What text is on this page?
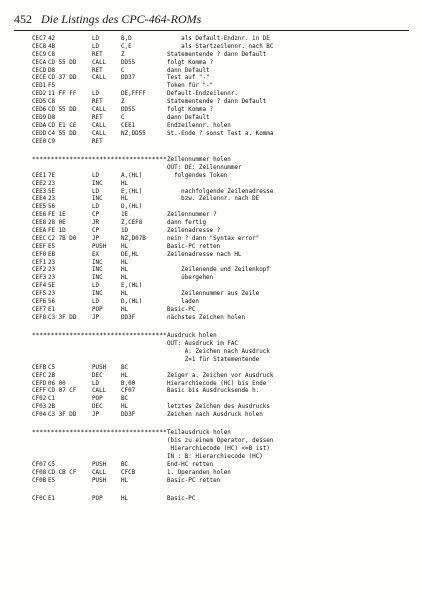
452 Die Listings des CPC-464-ROMs
CEC7 42	LD	B,D	als Default-Endznr. in DE
CEC8 4B	LD	C,E	als Startzeilennr. nach BC
CEC9 C8	RET	Z	Statementende ? dann Default
CECA CD 55 DD	CALL	DD55	folgt Komma ?
CECD D8	RET	C	dann Default
CECE CD 37 DD	CALL	DD37	Test auf "-"
CED1 F5	Token für "-"
CED2 11 FF FF	LD	DE,FFFF	Default-Endzeilennr.
CED5 C8	RET	Z	Statementende ? dann Default
CED6 CD 55 DD	CALL	DD55	folgt Komma ?
CED9 D8	RET	C	dann Default
CEDA CD E1 CE	CALL	CEE1	Endzeilennr. holen
CEDD C4 55 DD	CALL	NZ,DD55	St.-Ende ? sonst Test a. Komma
CEE0 C9	RET
************************************ Zeilennummer holen
OUT: DE: Zeilennummer
CEE1 7E	LD	A,(HL)	folgendes Token
CEE2 23	INC	HL
CEE3 5E	LD	E,(HL)	nachfolgende Zeilenadresse
CEE4 23	INC	HL	bzw. Zeilennr. nach DE
CEE5 56	LD	D,(HL)
CEE6 FE 1E	CP	1E	Zeilennummer ?
CEE8 28 0E	JR	Z,CEF8	dann fertig
CEEA FE 1D	CP	1D	Zeilenadresse ?
CEEC C2 7B D0	JP	NZ,D07B	nein ? dann "Syntax error"
CEEF E5	PUSH	HL	Basic-PC retten
CEF0 EB	EX	DE,HL	Zeilenadresse nach HL
CEF1 23	INC	HL
CEF2 23	INC	HL	Zeilenende und Zeilenkopf
CEF3 23	INC	HL	übergehen
CEF4 5E	LD	E,(HL)
CEF5 23	INC	HL	Zeilennummer aus Zeile
CEF6 56	LD	D,(HL)	laden
CEF7 E1	POP	HL	Basic-PC
CEF8 C3 3F DD	JP	DD3F	nächstes Zeichen holen
************************************ Ausdruck holen
OUT: Ausdruck im FAC
A: Zeichen nach Ausdruck
Z=1 für Statementende
CEFB C5	PUSH	BC
CEFC 2B	DEC	HL	Zeiger a. Zeichen vor Ausdruck
CEFD 06 00	LD	B,00	Hierarchiecode (HC) bis Ende
CEFF CD 07 CF	CALL	CF07	Basic bis Ausdrucksende h.
CF02 C1	POP	BC
CF03 2B	DEC	HL	letztes Zeichen des Ausdrucks
CF04 C3 3F DD	JP	DD3F	Zeichen nach Ausdruck holen
************************************ Teilausdruck holen
(bis zu einem Operator, dessen
Hierarchiecode (HC) <=B ist)
IN : B: Hierarchiecode (HC)
CF07 C5	PUSH	BC	End-HC retten
CF08 CD CB CF	CALL	CFCB	1. Operanden holen
CF0B E5	PUSH	HL	Basic-PC retten
CF0C E1	POP	HL	Basic-PC
